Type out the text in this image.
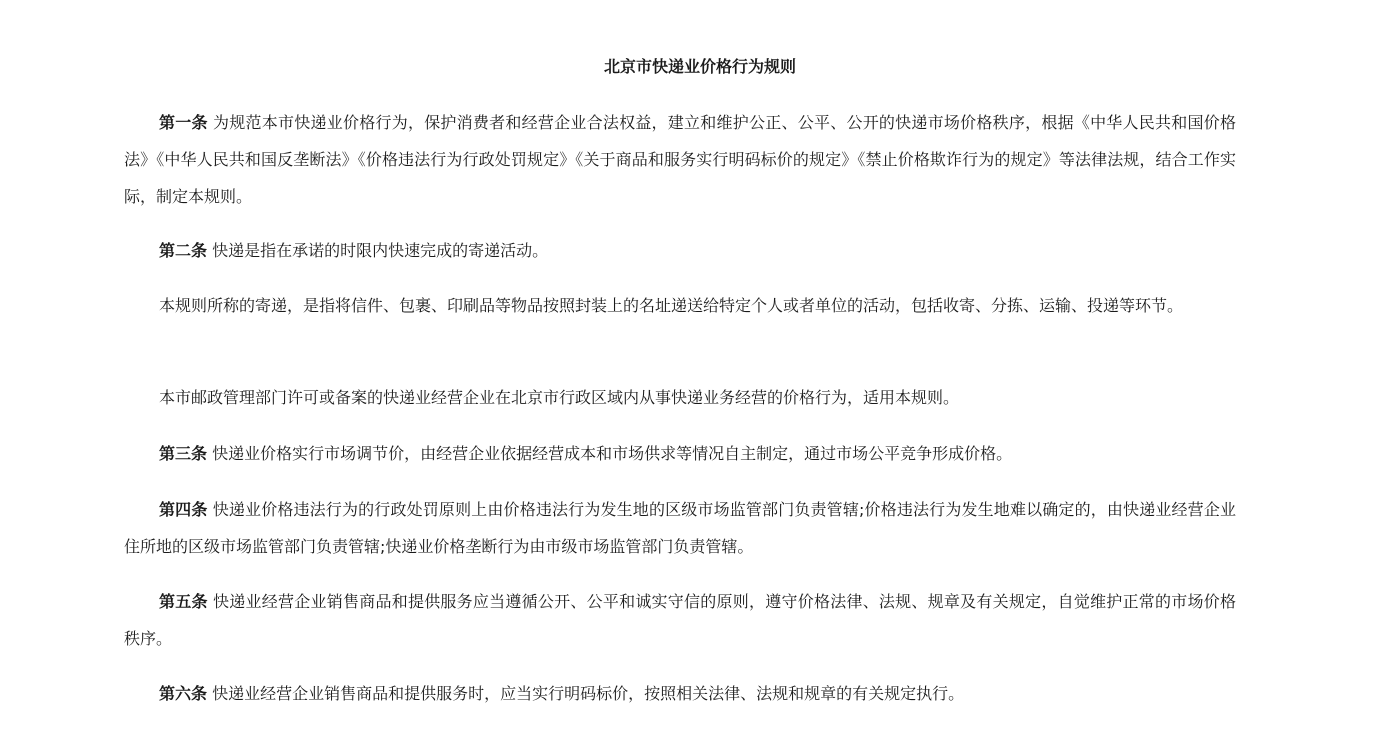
北京市快递业价格行为规则

第一条 为规范本市快递业价格行为，保护消费者和经营企业合法权益，建立和维护公正、公平、公开的快递市场价格秩序，根据《中华人民共和国价格法》《中华人民共和国反垄断法》《价格违法行为行政处罚规定》《关于商品和服务实行明码标价的规定》《禁止价格欺诈行为的规定》等法律法规，结合工作实际，制定本规则。

第二条 快递是指在承诺的时限内快速完成的寄递活动。

本规则所称的寄递，是指将信件、包裹、印刷品等物品按照封装上的名址递送给特定个人或者单位的活动，包括收寄、分拣、运输、投递等环节。

本市邮政管理部门许可或备案的快递业经营企业在北京市行政区域内从事快递业务经营的价格行为，适用本规则。

第三条 快递业价格实行市场调节价，由经营企业依据经营成本和市场供求等情况自主制定，通过市场公平竞争形成价格。

第四条 快递业价格违法行为的行政处罚原则上由价格违法行为发生地的区级市场监管部门负责管辖;价格违法行为发生地难以确定的，由快递业经营企业住所地的区级市场监管部门负责管辖;快递业价格垄断行为由市级市场监管部门负责管辖。

第五条 快递业经营企业销售商品和提供服务应当遵循公开、公平和诚实守信的原则，遵守价格法律、法规、规章及有关规定，自觉维护正常的市场价格秩序。

第六条 快递业经营企业销售商品和提供服务时，应当实行明码标价，按照相关法律、法规和规章的有关规定执行。
